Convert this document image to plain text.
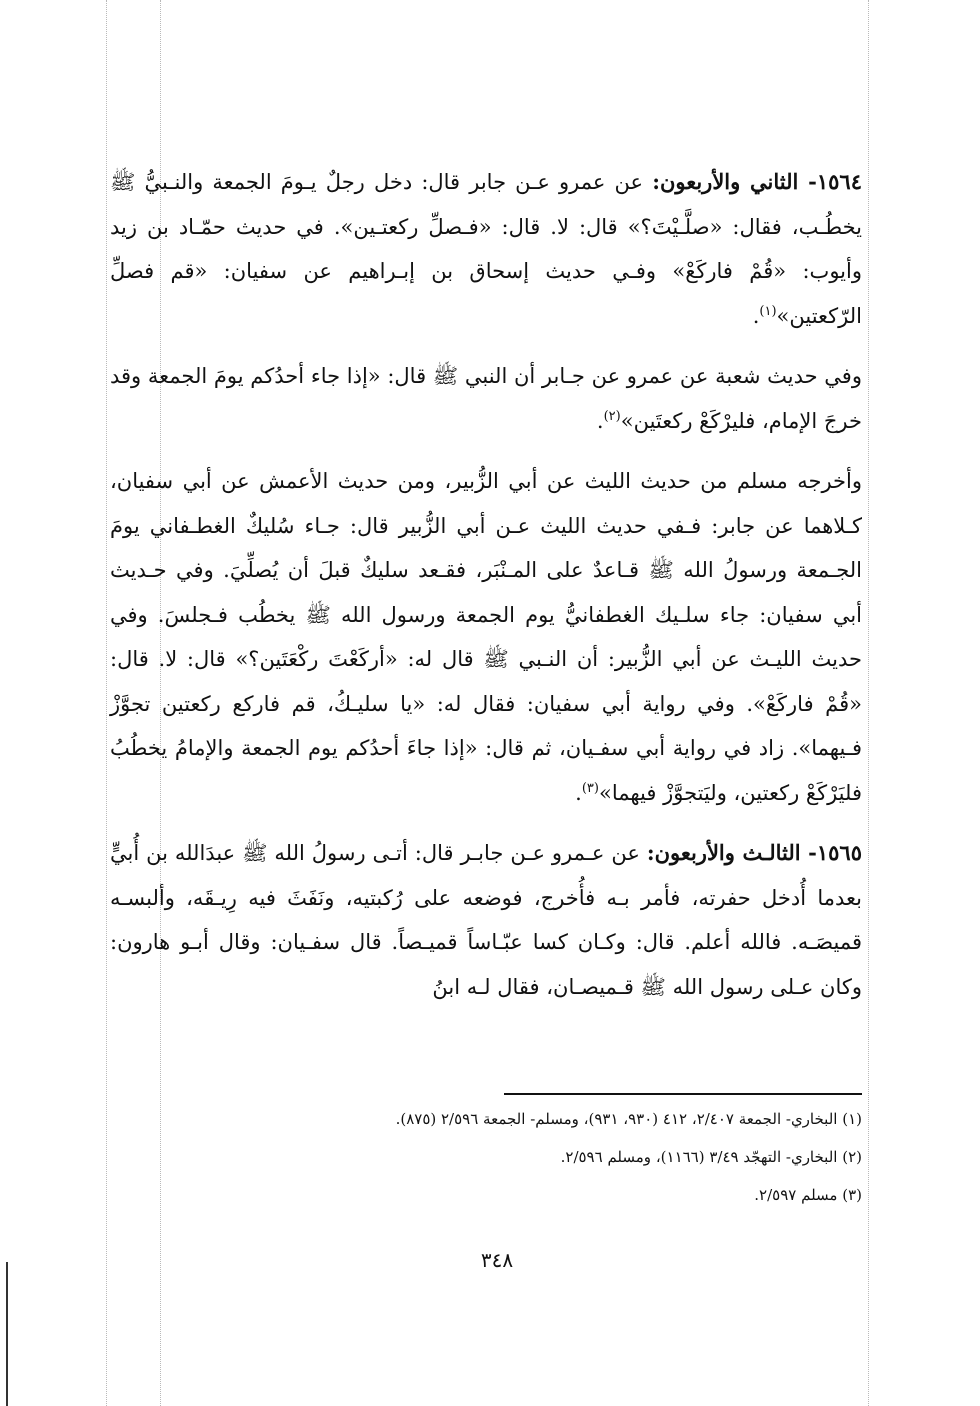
١٥٦٤- الثاني والأربعون: عن عمرو عـن جابر قال: دخل رجلٌ يـومَ الجمعة والنـبيُّ ﷺ يخطُـب، فقال: «صلَّـيْتَ؟» قال: لا. قال: «فـصلِّ ركعتـين». في حديث حمّـاد بن زيد وأيوب: «قُمْ فاركَعْ» وفـي حديث إسحاق بن إبـراهيم عن سفيان: «قم فصلِّ الرّكعتين»$^{(١)}$.

وفي حديث شعبة عن عمرو عن جـابر أن النبي ﷺ قال: «إذا جاء أحدُكم يومَ الجمعة وقد خرجَ الإمام، فليرْكَعْ ركعتَين»$^{(٢)}$.

وأخرجه مسلم من حديث الليث عن أبي الزُّبير، ومن حديث الأعمش عن أبي سفيان، كـلاهما عن جابر: فـفي حديث الليث عـن أبي الزُّبير قال: جـاء سُليكٌ الغطـفاني يومَ الجـمعة ورسولُ الله ﷺ قـاعدٌ على المـنْبَر، فقـعد سليكٌ قبلَ أن يُصلِّيَ. وفي حـديث أبي سفيان: جاء سلـيك الغطفانيُّ يوم الجمعة ورسول الله ﷺ يخطُب فـجلسَ. وفي حديث الليـث عن أبي الزُّبير: أن النـبي ﷺ قال له: «أركَعْتَ ركْعَتَين؟» قال: لا. قال: «قُمْ فاركَعْ». وفي رواية أبي سفيان: فقال له: «يا سليـكُ، قم فاركع ركعتين تجوَّزْ فـيهما». زاد في رواية أبي سفـيان، ثم قال: «إذا جاءَ أحدُكم يوم الجمعة والإمامُ يخطُبُ فليَرْكَعْ ركعتين، وليَتجوَّزْ فيهما»$^{(٣)}$.

١٥٦٥- الثالـث والأربعون: عن عـمرو عـن جابـر قال: أتـى رسولُ الله ﷺ عبدَالله بن أُبيٍّ بعدما أُدخل حفرته، فأمر بـه فأُخرج، فوضعه على رُكبتيه، ونَفَثَ فيه رِيـقَه، وألبسـه قميصَـه. فالله أعلم. قال: وكـان كسا عبّـاساً قميـصاً. قال سفـيان: وقال أبـو هارون: وكان عـلى رسول الله ﷺ قـميصـان، فقال لـه ابنُ

(١) البخاري- الجمعة ٢/٤٠٧، ٤١٢ (٩٣٠، ٩٣١)، ومسلم- الجمعة ٢/٥٩٦ (٨٧٥).

(٢) البخاري- التهجّد ٣/٤٩ (١١٦٦)، ومسلم ٢/٥٩٦.

(٣) مسلم ٢/٥٩٧.

٣٤٨
